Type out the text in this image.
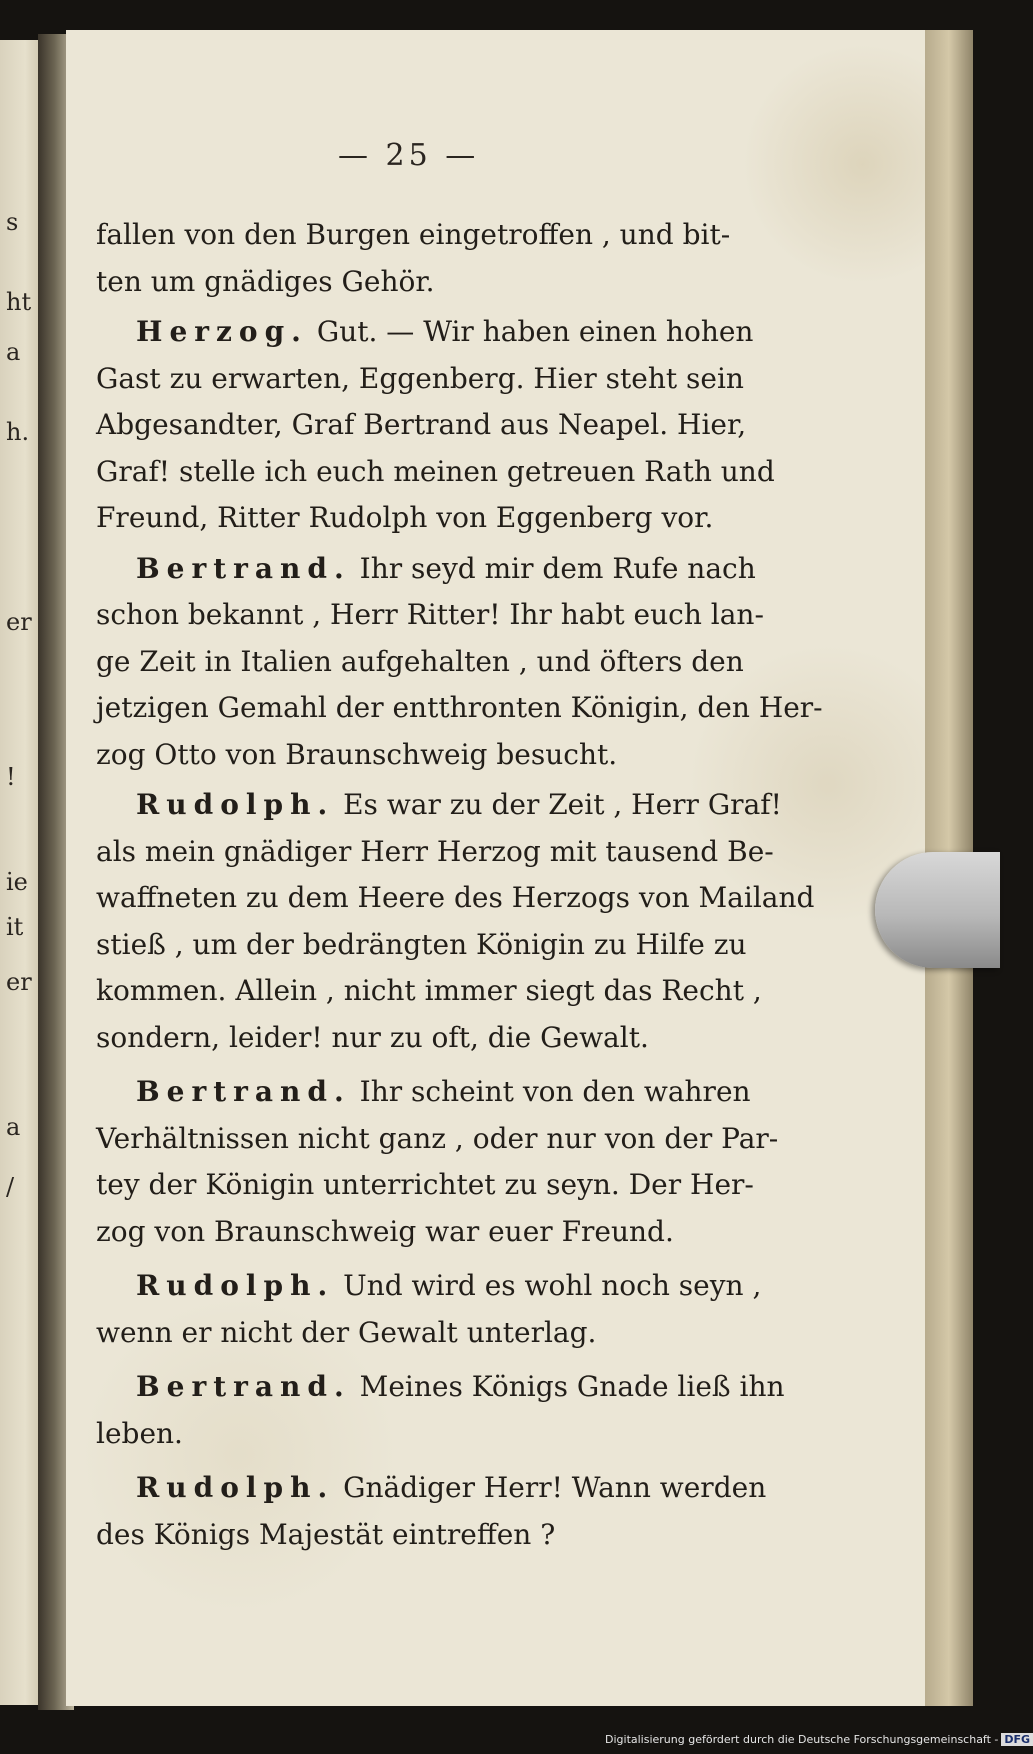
s
ht
a
h.
er
!
ie
it
er
a
/
— 25 —

fallen von den Burgen eingetroffen , und bit-
ten um gnädiges Gehör.

Herzog. Gut. — Wir haben einen hohen

Gast zu erwarten, Eggenberg. Hier steht sein
Abgesandter, Graf Bertrand aus Neapel. Hier,
Graf! stelle ich euch meinen getreuen Rath und
Freund, Ritter Rudolph von Eggenberg vor.

Bertrand. Ihr seyd mir dem Rufe nach

schon bekannt , Herr Ritter! Ihr habt euch lan-
ge Zeit in Italien aufgehalten , und öfters den
jetzigen Gemahl der entthronten Königin, den Her-
zog Otto von Braunschweig besucht.

Rudolph. Es war zu der Zeit , Herr Graf!

als mein gnädiger Herr Herzog mit tausend Be-
waffneten zu dem Heere des Herzogs von Mailand
stieß , um der bedrängten Königin zu Hilfe zu
kommen. Allein , nicht immer siegt das Recht ,
sondern, leider! nur zu oft, die Gewalt.

Bertrand. Ihr scheint von den wahren

Verhältnissen nicht ganz , oder nur von der Par-
tey der Königin unterrichtet zu seyn. Der Her-
zog von Braunschweig war euer Freund.

Rudolph. Und wird es wohl noch seyn ,

wenn er nicht der Gewalt unterlag.

Bertrand. Meines Königs Gnade ließ ihn

leben.

Rudolph. Gnädiger Herr! Wann werden

des Königs Majestät eintreffen ?

Digitalisierung gefördert durch die Deutsche Forschungsgemeinschaft - DFG
